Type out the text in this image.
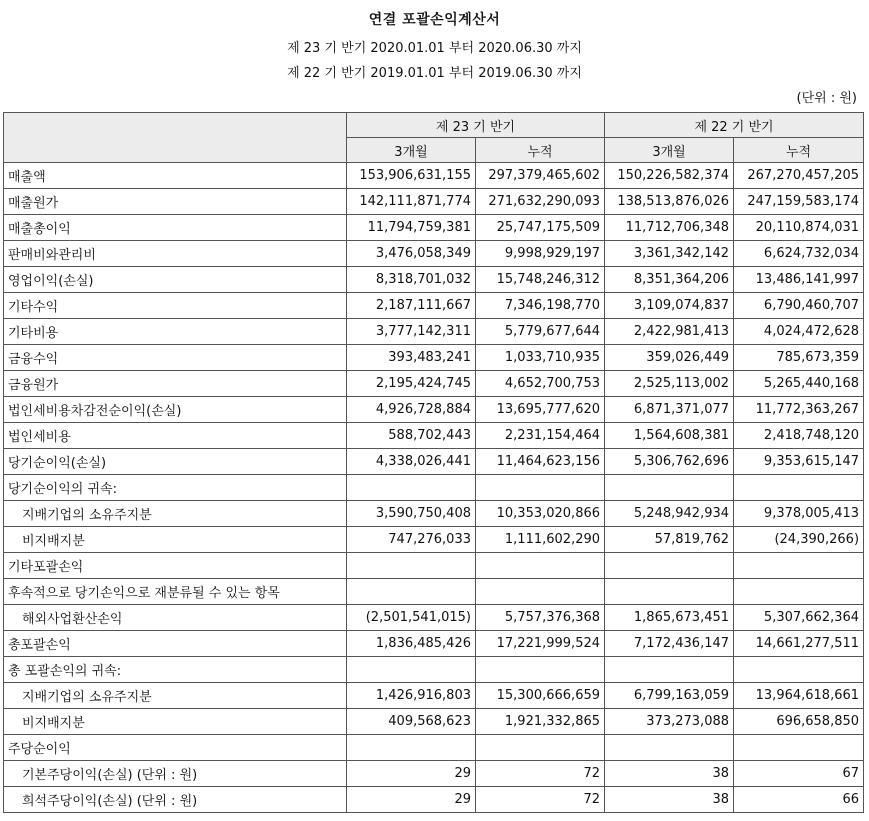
연결 포괄손익계산서
제 23 기 반기 2020.01.01 부터 2020.06.30 까지
제 22 기 반기 2019.01.01 부터 2019.06.30 까지
(단위 : 원)
	제 23 기 반기		제 22 기 반기	
	3개월	누적	3개월	누적
매출액	153,906,631,155	297,379,465,602	150,226,582,374	267,270,457,205
매출원가	142,111,871,774	271,632,290,093	138,513,876,026	247,159,583,174
매출총이익	11,794,759,381	25,747,175,509	11,712,706,348	20,110,874,031
판매비와관리비	3,476,058,349	9,998,929,197	3,361,342,142	6,624,732,034
영업이익(손실)	8,318,701,032	15,748,246,312	8,351,364,206	13,486,141,997
기타수익	2,187,111,667	7,346,198,770	3,109,074,837	6,790,460,707
기타비용	3,777,142,311	5,779,677,644	2,422,981,413	4,024,472,628
금융수익	393,483,241	1,033,710,935	359,026,449	785,673,359
금융원가	2,195,424,745	4,652,700,753	2,525,113,002	5,265,440,168
법인세비용차감전순이익(손실)	4,926,728,884	13,695,777,620	6,871,371,077	11,772,363,267
법인세비용	588,702,443	2,231,154,464	1,564,608,381	2,418,748,120
당기순이익(손실)	4,338,026,441	11,464,623,156	5,306,762,696	9,353,615,147
당기순이익의 귀속:				
지배기업의 소유주지분	3,590,750,408	10,353,020,866	5,248,942,934	9,378,005,413
비지배지분	747,276,033	1,111,602,290	57,819,762	(24,390,266)
기타포괄손익				
후속적으로 당기손익으로 재분류될 수 있는 항목				
해외사업환산손익	(2,501,541,015)	5,757,376,368	1,865,673,451	5,307,662,364
총포괄손익	1,836,485,426	17,221,999,524	7,172,436,147	14,661,277,511
총 포괄손익의 귀속:				
지배기업의 소유주지분	1,426,916,803	15,300,666,659	6,799,163,059	13,964,618,661
비지배지분	409,568,623	1,921,332,865	373,273,088	696,658,850
주당순이익				
기본주당이익(손실) (단위 : 원)	29	72	38	67
희석주당이익(손실) (단위 : 원)	29	72	38	66
